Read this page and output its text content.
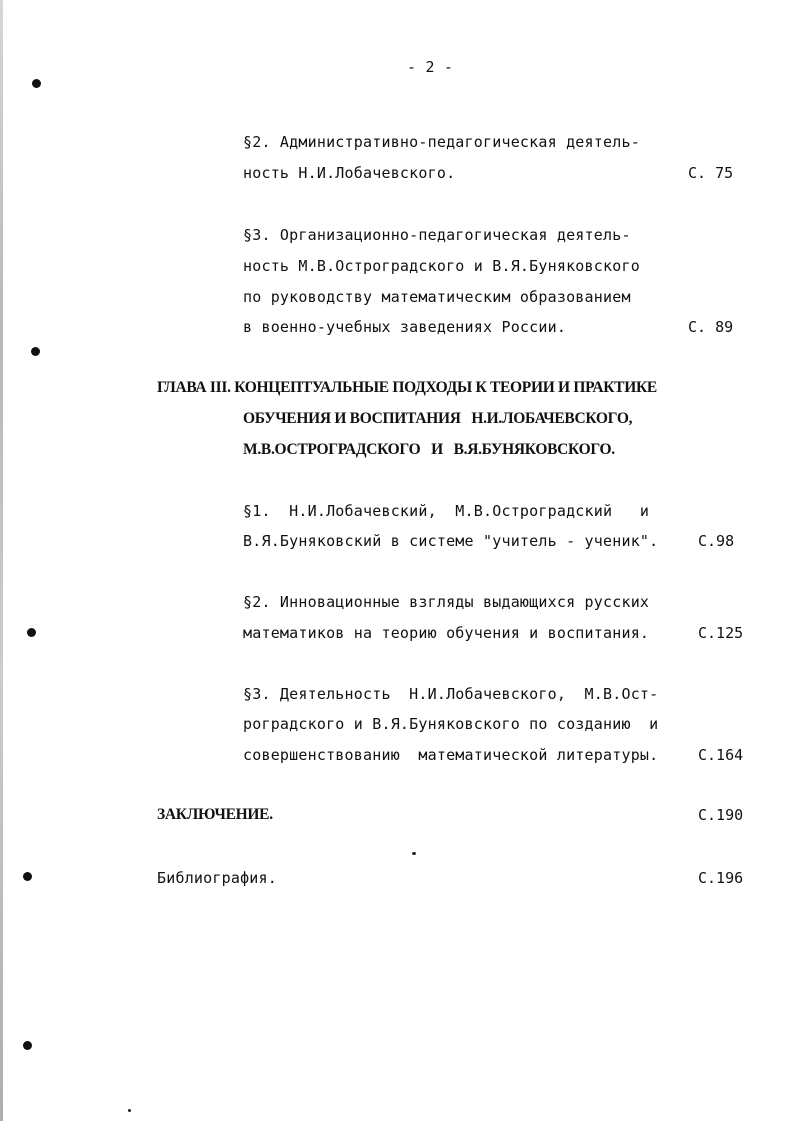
- 2 -
§2. Административно-педагогическая деятель-
ность Н.И.Лобачевского.	С. 75
§3. Организационно-педагогическая деятель-
ность М.В.Остроградского и В.Я.Буняковского
по руководству математическим образованием
в военно-учебных заведениях России.	С. 89
ГЛАВА III. КОНЦЕПТУАЛЬНЫЕ ПОДХОДЫ К ТЕОРИИ И ПРАКТИКЕ
ОБУЧЕНИЯ И ВОСПИТАНИЯ   Н.И.ЛОБАЧЕВСКОГО,
М.В.ОСТРОГРАДСКОГО   И   В.Я.БУНЯКОВСКОГО.
§1.  Н.И.Лобачевский,  М.В.Остроградский   и
В.Я.Буняковский в системе "учитель - ученик".	С.98
§2. Инновационные взгляды выдающихся русских
математиков на теорию обучения и воспитания.	С.125
§3. Деятельность  Н.И.Лобачевского,  М.В.Ост-
роградского и В.Я.Буняковского по созданию  и
совершенствованию  математической литературы.	С.164
ЗАКЛЮЧЕНИЕ.	С.190
Библиография.	С.196
